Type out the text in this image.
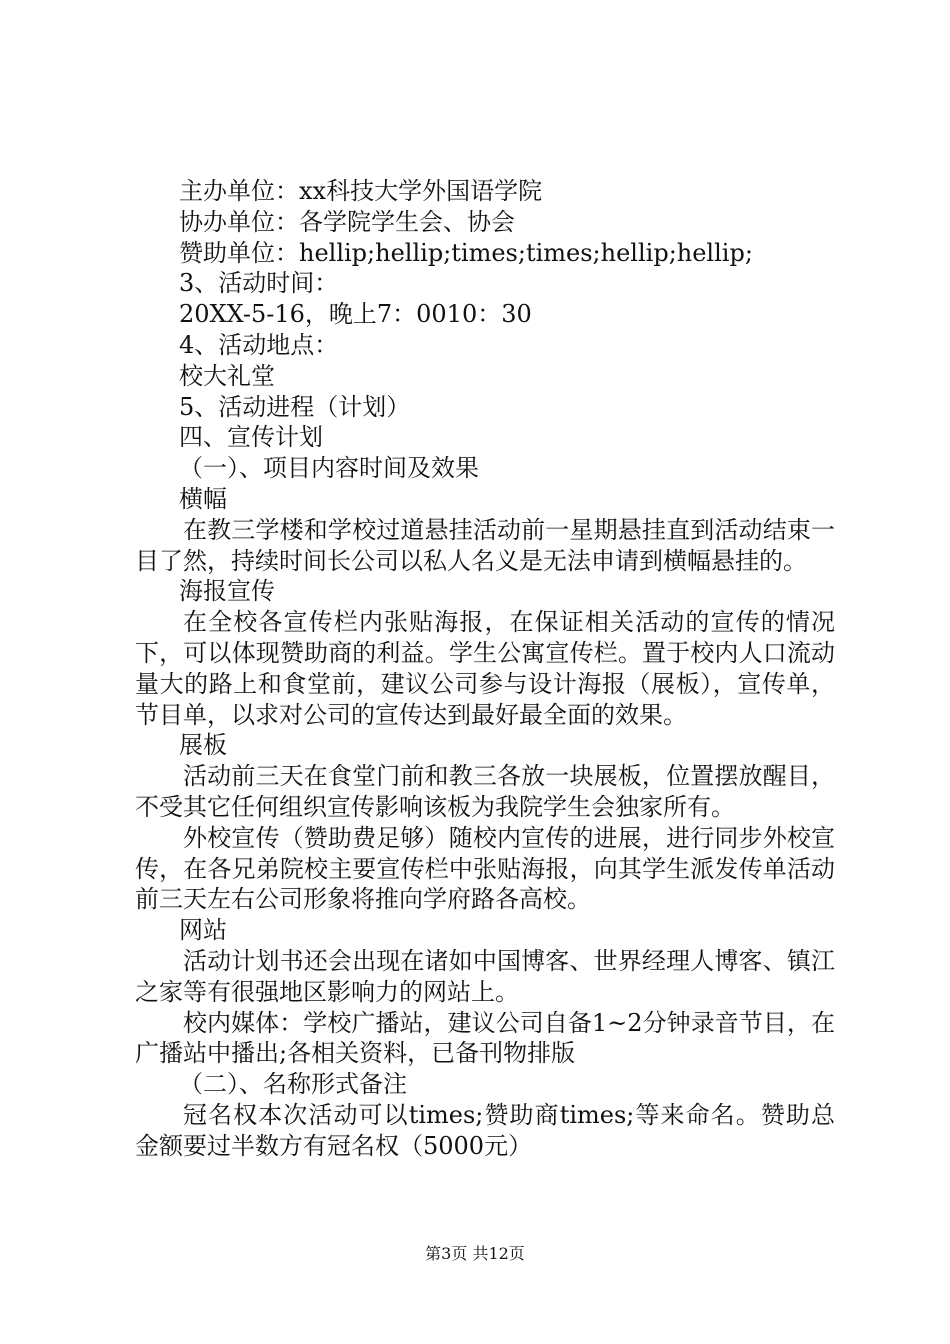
主办单位：xx科技大学外国语学院

协办单位：各学院学生会、协会

赞助单位：hellip;hellip;times;times;hellip;hellip;

3、活动时间：

20XX-5-16，晚上7：0010：30

4、活动地点：

校大礼堂

5、活动进程（计划）

四、宣传计划

（一）、项目内容时间及效果

横幅

在教三学楼和学校过道悬挂活动前一星期悬挂直到活动结束一目了然，持续时间长公司以私人名义是无法申请到横幅悬挂的。

海报宣传

在全校各宣传栏内张贴海报，在保证相关活动的宣传的情况下，可以体现赞助商的利益。学生公寓宣传栏。置于校内人口流动量大的路上和食堂前，建议公司参与设计海报（展板），宣传单，节目单，以求对公司的宣传达到最好最全面的效果。

展板

活动前三天在食堂门前和教三各放一块展板，位置摆放醒目，不受其它任何组织宣传影响该板为我院学生会独家所有。

外校宣传（赞助费足够）随校内宣传的进展，进行同步外校宣传，在各兄弟院校主要宣传栏中张贴海报，向其学生派发传单活动前三天左右公司形象将推向学府路各高校。

网站

活动计划书还会出现在诸如中国博客、世界经理人博客、镇江之家等有很强地区影响力的网站上。

校内媒体：学校广播站，建议公司自备1~2分钟录音节目，在广播站中播出;各相关资料，已备刊物排版

（二）、名称形式备注

冠名权本次活动可以times;赞助商times;等来命名。赞助总金额要过半数方有冠名权（5000元）

第3页 共12页
